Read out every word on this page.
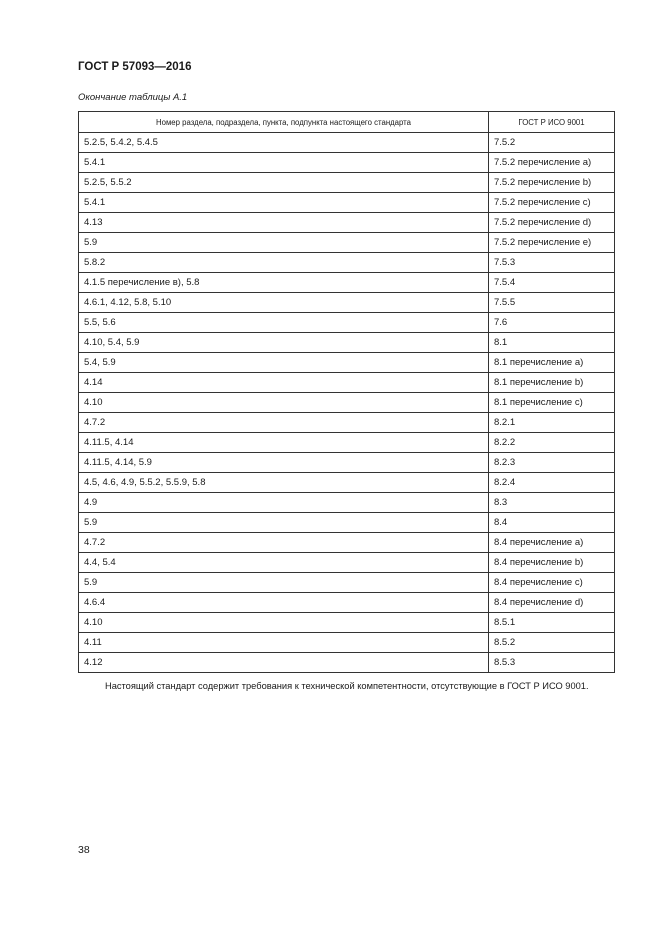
ГОСТ Р 57093—2016
Окончание таблицы А.1
Номер раздела, подраздела, пункта, подпункта настоящего стандарта	ГОСТ Р ИСО 9001
5.2.5, 5.4.2, 5.4.5	7.5.2
5.4.1	7.5.2 перечисление а)
5.2.5, 5.5.2	7.5.2 перечисление b)
5.4.1	7.5.2 перечисление с)
4.13	7.5.2 перечисление d)
5.9	7.5.2 перечисление е)
5.8.2	7.5.3
4.1.5 перечисление в), 5.8	7.5.4
4.6.1, 4.12, 5.8, 5.10	7.5.5
5.5, 5.6	7.6
4.10, 5.4, 5.9	8.1
5.4, 5.9	8.1 перечисление а)
4.14	8.1 перечисление b)
4.10	8.1 перечисление с)
4.7.2	8.2.1
4.11.5, 4.14	8.2.2
4.11.5, 4.14, 5.9	8.2.3
4.5, 4.6, 4.9, 5.5.2, 5.5.9, 5.8	8.2.4
4.9	8.3
5.9	8.4
4.7.2	8.4 перечисление а)
4.4, 5.4	8.4 перечисление b)
5.9	8.4 перечисление с)
4.6.4	8.4 перечисление d)
4.10	8.5.1
4.11	8.5.2
4.12	8.5.3
Настоящий стандарт содержит требования к технической компетентности, отсутствующие в ГОСТ Р ИСО 9001.
38
